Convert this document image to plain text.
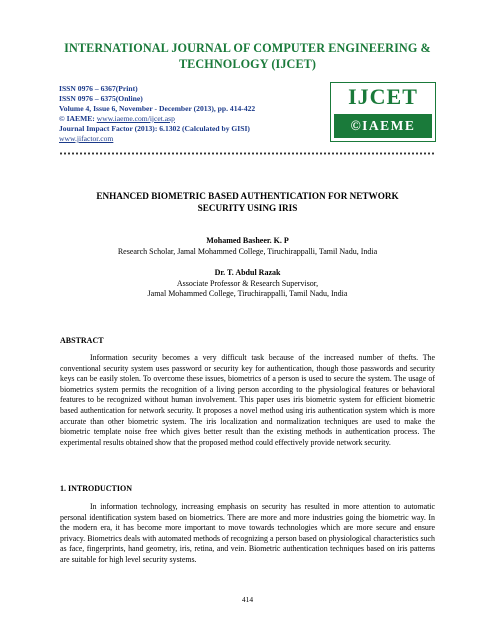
INTERNATIONAL JOURNAL OF COMPUTER ENGINEERING &
TECHNOLOGY (IJCET)
ISSN 0976 – 6367(Print)
ISSN 0976 – 6375(Online)
Volume 4, Issue 6, November - December (2013), pp. 414-422
© IAEME: www.iaeme.com/ijcet.asp
Journal Impact Factor (2013): 6.1302 (Calculated by GISI)
www.jifactor.com
IJCET
©IAEME
ENHANCED BIOMETRIC BASED AUTHENTICATION FOR NETWORK
SECURITY USING IRIS
Mohamed Basheer. K. P
Research Scholar, Jamal Mohammed College, Tiruchirappalli, Tamil Nadu, India
Dr. T. Abdul Razak
Associate Professor & Research Supervisor,
Jamal Mohammed College, Tiruchirappalli, Tamil Nadu, India
ABSTRACT
Information security becomes a very difficult task because of the increased number of thefts. The conventional security system uses password or security key for authentication, though those passwords and security keys can be easily stolen. To overcome these issues, biometrics of a person is used to secure the system. The usage of biometrics system permits the recognition of a living person according to the physiological features or behavioral features to be recognized without human involvement. This paper uses iris biometric system for efficient biometric based authentication for network security. It proposes a novel method using iris authentication system which is more accurate than other biometric system. The iris localization and normalization techniques are used to make the biometric template noise free which gives better result than the existing methods in authentication process. The experimental results obtained show that the proposed method could effectively provide network security.
1. INTRODUCTION
In information technology, increasing emphasis on security has resulted in more attention to automatic personal identification system based on biometrics. There are more and more industries going the biometric way. In the modern era, it has become more important to move towards technologies which are more secure and ensure privacy. Biometrics deals with automated methods of recognizing a person based on physiological characteristics such as face, fingerprints, hand geometry, iris, retina, and vein. Biometric authentication techniques based on iris patterns are suitable for high level security systems.
414
